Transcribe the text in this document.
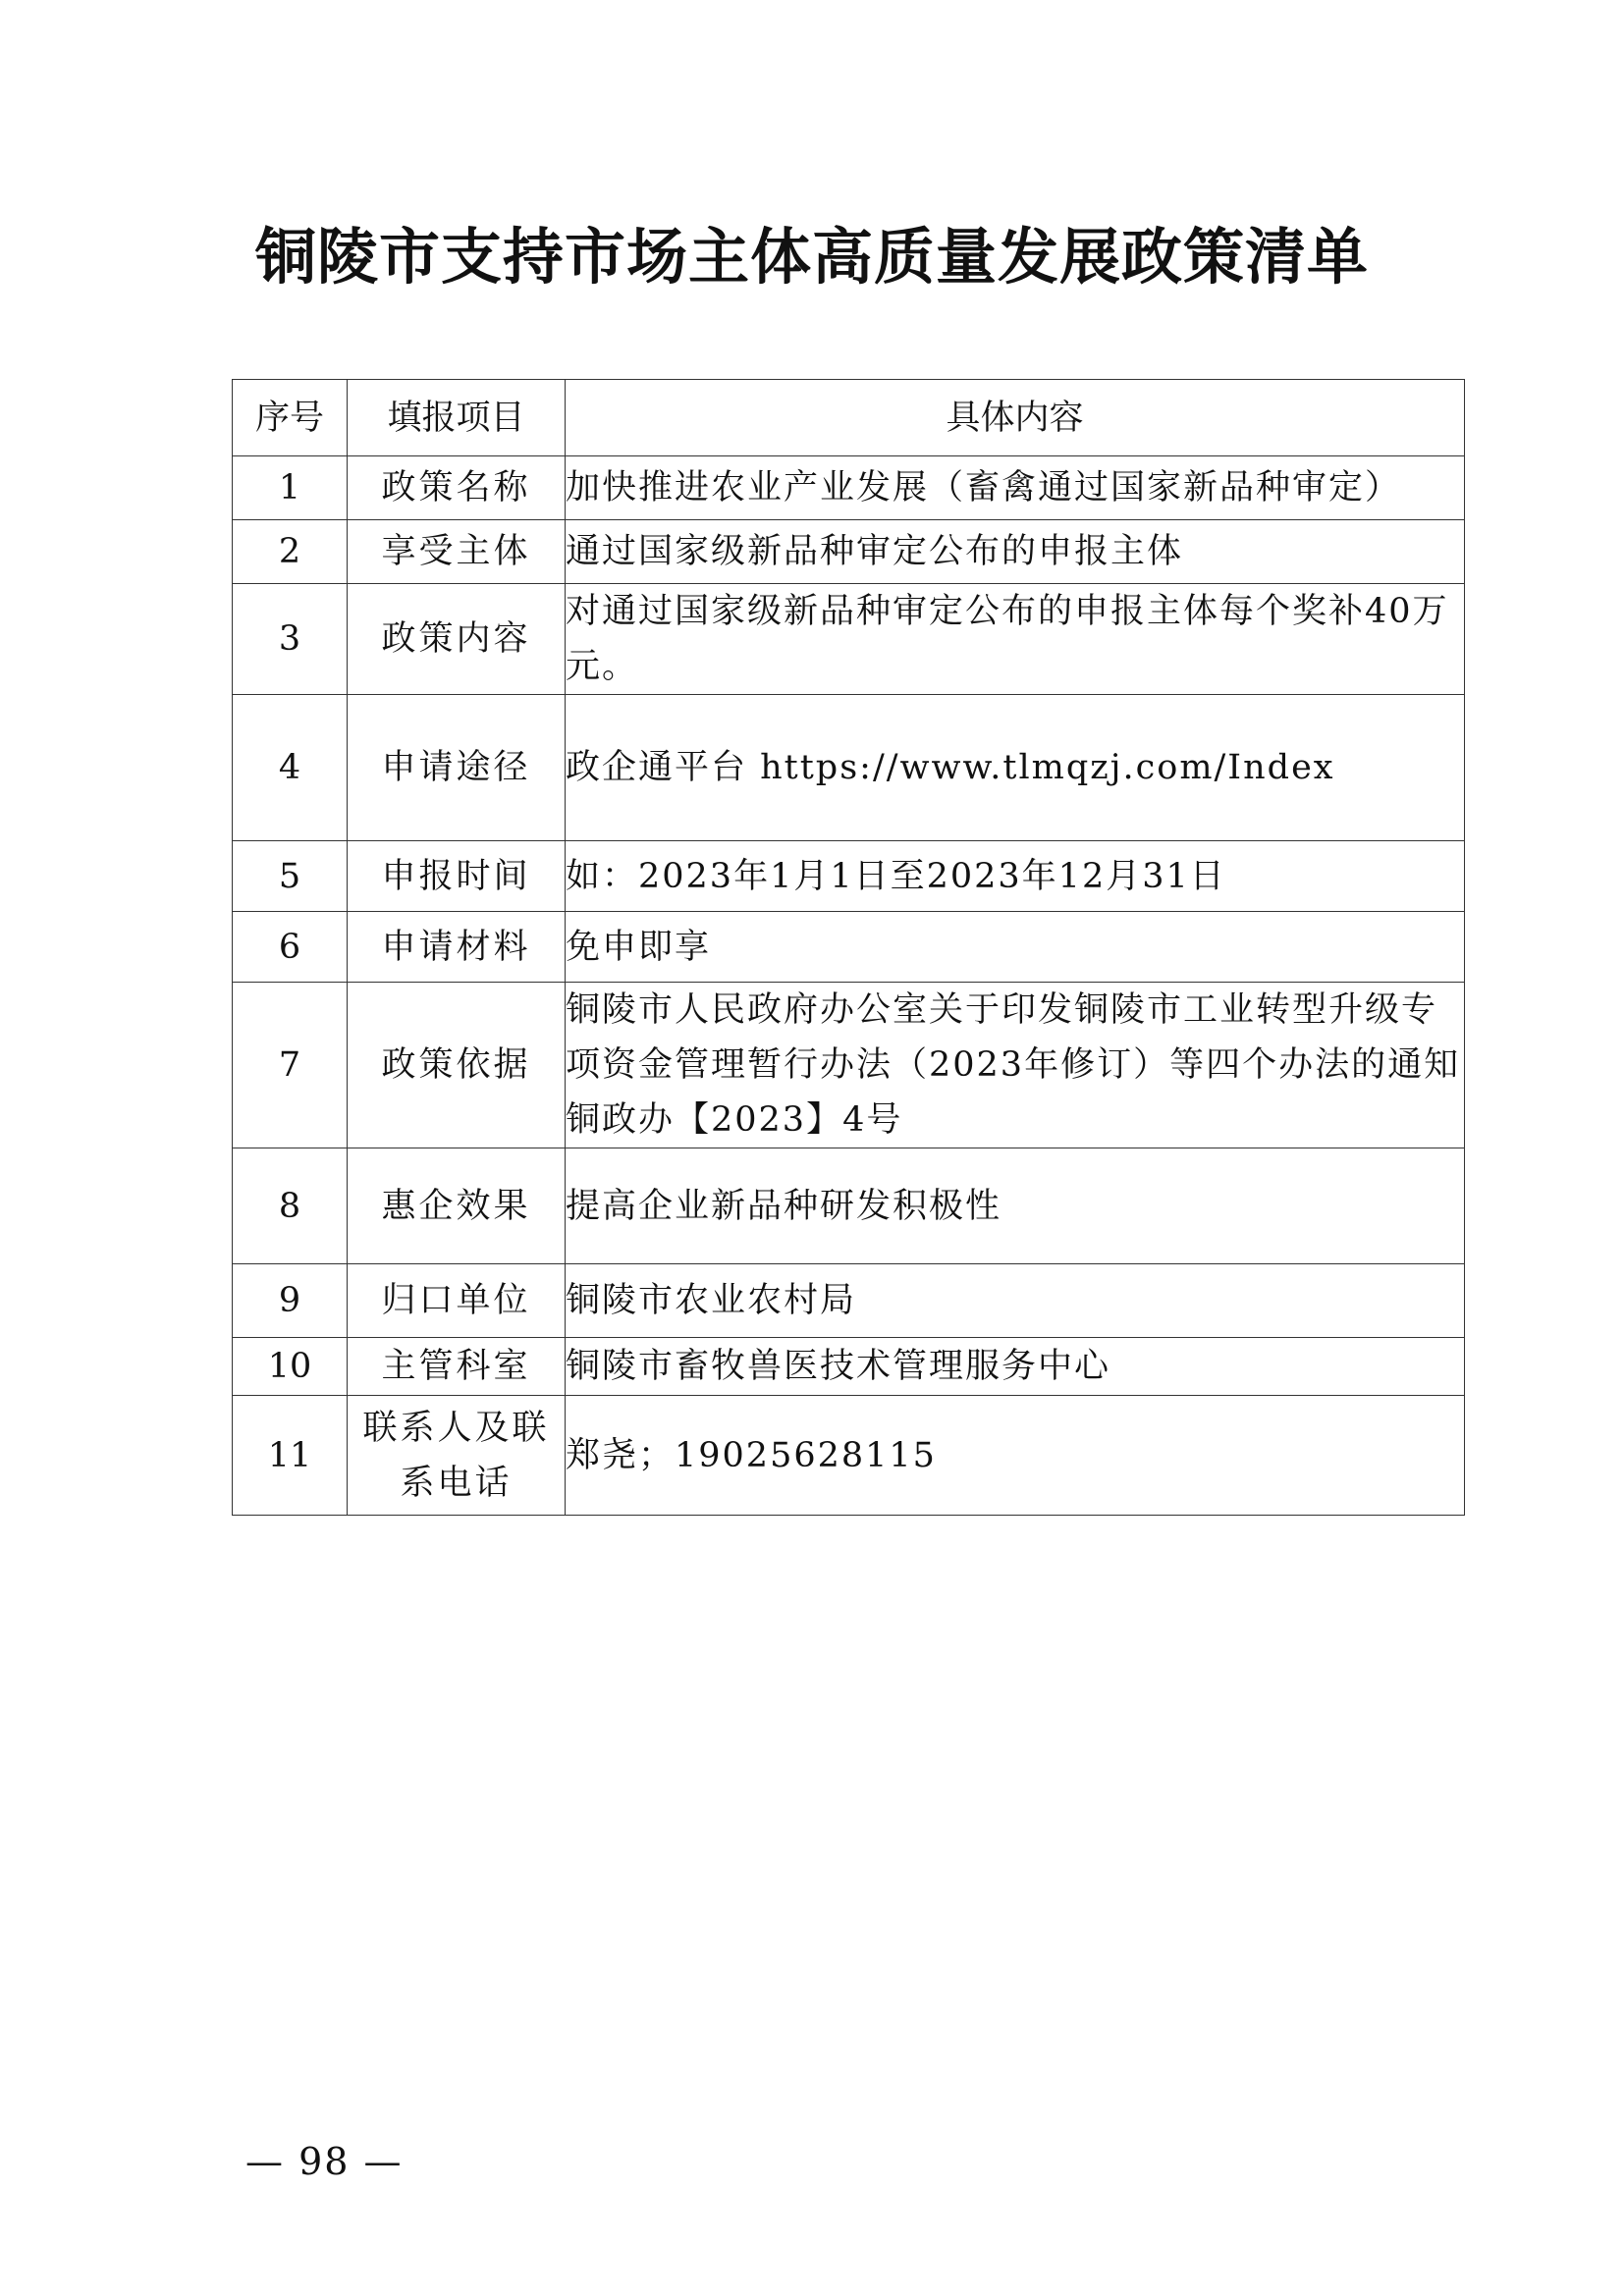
铜陵市支持市场主体高质量发展政策清单
序号	填报项目	具体内容
1	政策名称	加快推进农业产业发展（畜禽通过国家新品种审定）
2	享受主体	通过国家级新品种审定公布的申报主体
3	政策内容	对通过国家级新品种审定公布的申报主体每个奖补40万元。
4	申请途径	政企通平台 https://www.tlmqzj.com/Index
5	申报时间	如：2023年1月1日至2023年12月31日
6	申请材料	免申即享
7	政策依据	铜陵市人民政府办公室关于印发铜陵市工业转型升级专项资金管理暂行办法（2023年修订）等四个办法的通知　铜政办【2023】4号
8	惠企效果	提高企业新品种研发积极性
9	归口单位	铜陵市农业农村局
10	主管科室	铜陵市畜牧兽医技术管理服务中心
11	联系人及联系电话	郑尧；19025628115
— 98 —
